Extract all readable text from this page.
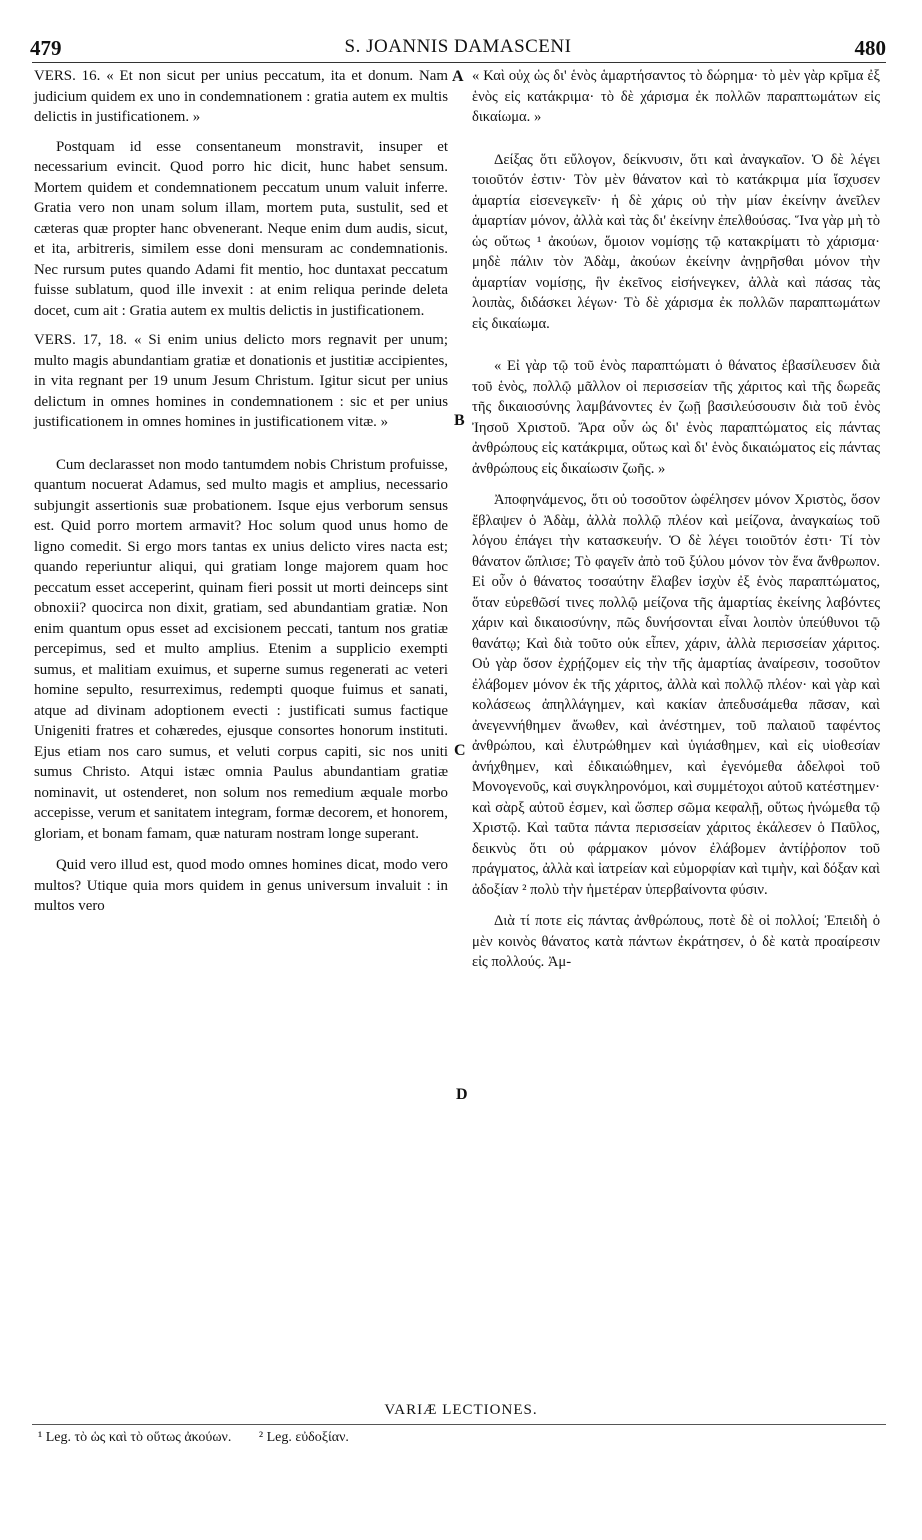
479	S. JOANNIS DAMASCENI	480

VERS. 16. « Et non sicut per unius peccatum, ita et donum. Nam judicium quidem ex uno in condemnationem : gratia autem ex multis delictis in justificationem. »

Postquam id esse consentaneum monstravit, insuper et necessarium evincit. Quod porro hic dicit, hunc habet sensum. Mortem quidem et condemnationem peccatum unum valuit inferre. Gratia vero non unam solum illam, mortem puta, sustulit, sed et cæteras quæ propter hanc obvenerant. Neque enim dum audis, sicut, et ita, arbitreris, similem esse doni mensuram ac condemnationis. Nec rursum putes quando Adami fit mentio, hoc duntaxat peccatum fuisse sublatum, quod ille invexit : at enim reliqua perinde deleta docet, cum ait : Gratia autem ex multis delictis in justificationem.

VERS. 17, 18. « Si enim unius delicto mors regnavit per unum; multo magis abundantiam gratiæ et donationis et justitiæ accipientes, in vita regnant per 19 unum Jesum Christum. Igitur sicut per unius delictum in omnes homines in condemnationem : sic et per unius justificationem in omnes homines in justificationem vitæ. »

Cum declarasset non modo tantumdem nobis Christum profuisse, quantum nocuerat Adamus, sed multo magis et amplius, necessario subjungit assertionis suæ probationem. Isque ejus verborum sensus est. Quid porro mortem armavit? Hoc solum quod unus homo de ligno comedit. Si ergo mors tantas ex unius delicto vires nacta est; quando reperiuntur aliqui, qui gratiam longe majorem quam hoc peccatum esset acceperint, quinam fieri possit ut morti deinceps sint obnoxii? quocirca non dixit, gratiam, sed abundantiam gratiæ. Non enim quantum opus esset ad excisionem peccati, tantum nos gratiæ percepimus, sed et multo amplius. Etenim a supplicio exempti sumus, et malitiam exuimus, et superne sumus regenerati ac veteri homine sepulto, resurreximus, redempti quoque fuimus et sanati, atque ad divinam adoptionem evecti : justificati sumus factique Unigeniti fratres et cohæredes, ejusque consortes honorum instituti. Ejus etiam nos caro sumus, et veluti corpus capiti, sic nos uniti sumus Christo. Atqui istæc omnia Paulus abundantiam gratiæ nominavit, ut ostenderet, non solum nos remedium æquale morbo accepisse, verum et sanitatem integram, formæ decorem, et honorem, gloriam, et bonam famam, quæ naturam nostram longe superant.

Quid vero illud est, quod modo omnes homines dicat, modo vero multos? Utique quia mors quidem in genus universum invaluit : in multos vero

« Καὶ οὐχ ὡς δι' ἑνὸς ἁμαρτήσαντος τὸ δώρημα· τὸ μὲν γὰρ κρῖμα ἐξ ἑνὸς εἰς κατάκριμα· τὸ δὲ χάρισμα ἐκ πολλῶν παραπτωμάτων εἰς δικαίωμα. »

Δείξας ὅτι εὔλογον, δείκνυσιν, ὅτι καὶ ἀναγκαῖον. Ὁ δὲ λέγει τοιοῦτόν ἐστιν· Τὸν μὲν θάνατον καὶ τὸ κατάκριμα μία ἴσχυσεν ἁμαρτία εἰσενεγκεῖν· ἡ δὲ χάρις οὐ τὴν μίαν ἐκείνην ἀνεῖλεν ἁμαρτίαν μόνον, ἀλλὰ καὶ τὰς δι' ἐκείνην ἐπελθούσας. Ἵνα γὰρ μὴ τὸ ὡς οὕτως ¹ ἀκούων, ὅμοιον νομίσῃς τῷ κατακρίματι τὸ χάρισμα· μηδὲ πάλιν τὸν Ἀδὰμ, ἀκούων ἐκείνην ἀνῃρῆσθαι μόνον τὴν ἁμαρτίαν νομίσῃς, ἣν ἐκεῖνος εἰσήνεγκεν, ἀλλὰ καὶ πάσας τὰς λοιπὰς, διδάσκει λέγων· Τὸ δὲ χάρισμα ἐκ πολλῶν παραπτωμάτων εἰς δικαίωμα.

« Εἰ γὰρ τῷ τοῦ ἑνὸς παραπτώματι ὁ θάνατος ἐβασίλευσεν διὰ τοῦ ἑνὸς, πολλῷ μᾶλλον οἱ περισσείαν τῆς χάριτος καὶ τῆς δωρεᾶς τῆς δικαιοσύνης λαμβάνοντες ἐν ζωῇ βασιλεύσουσιν διὰ τοῦ ἑνὸς Ἰησοῦ Χριστοῦ. Ἄρα οὖν ὡς δι' ἑνὸς παραπτώματος εἰς πάντας ἀνθρώπους εἰς κατάκριμα, οὕτως καὶ δι' ἑνὸς δικαιώματος εἰς πάντας ἀνθρώπους εἰς δικαίωσιν ζωῆς. »

Ἀποφηνάμενος, ὅτι οὐ τοσοῦτον ὠφέλησεν μόνον Χριστὸς, ὅσον ἔβλαψεν ὁ Ἀδὰμ, ἀλλὰ πολλῷ πλέον καὶ μείζονα, ἀναγκαίως τοῦ λόγου ἐπάγει τὴν κατασκευήν. Ὁ δὲ λέγει τοιοῦτόν ἐστι· Τί τὸν θάνατον ὥπλισε; Τὸ φαγεῖν ἀπὸ τοῦ ξύλου μόνον τὸν ἕνα ἄνθρωπον. Εἰ οὖν ὁ θάνατος τοσαύτην ἔλαβεν ἰσχὺν ἐξ ἑνὸς παραπτώματος, ὅταν εὑρεθῶσί τινες πολλῷ μείζονα τῆς ἁμαρτίας ἐκείνης λαβόντες χάριν καὶ δικαιοσύνην, πῶς δυνήσονται εἶναι λοιπὸν ὑπεύθυνοι τῷ θανάτῳ; Καὶ διὰ τοῦτο οὐκ εἶπεν, χάριν, ἀλλὰ περισσείαν χάριτος. Οὐ γὰρ ὅσον ἐχρῄζομεν εἰς τὴν τῆς ἁμαρτίας ἀναίρεσιν, τοσοῦτον ἐλάβομεν μόνον ἐκ τῆς χάριτος, ἀλλὰ καὶ πολλῷ πλέον· καὶ γὰρ καὶ κολάσεως ἀπηλλάγημεν, καὶ κακίαν ἀπεδυσάμεθα πᾶσαν, καὶ ἀνεγεννήθημεν ἄνωθεν, καὶ ἀνέστημεν, τοῦ παλαιοῦ ταφέντος ἀνθρώπου, καὶ ἐλυτρώθημεν καὶ ὑγιάσθημεν, καὶ εἰς υἱοθεσίαν ἀνήχθημεν, καὶ ἐδικαιώθημεν, καὶ ἐγενόμεθα ἀδελφοὶ τοῦ Μονογενοῦς, καὶ συγκληρονόμοι, καὶ συμμέτοχοι αὐτοῦ κατέστημεν· καὶ σὰρξ αὐτοῦ ἐσμεν, καὶ ὥσπερ σῶμα κεφαλῇ, οὕτως ἡνώμεθα τῷ Χριστῷ. Καὶ ταῦτα πάντα περισσείαν χάριτος ἐκάλεσεν ὁ Παῦλος, δεικνὺς ὅτι οὐ φάρμακον μόνον ἐλάβομεν ἀντίῤῥοπον τοῦ πράγματος, ἀλλὰ καὶ ἰατρείαν καὶ εὐμορφίαν καὶ τιμὴν, καὶ δόξαν καὶ ἀδοξίαν ² πολὺ τὴν ἡμετέραν ὑπερβαίνοντα φύσιν.

Διὰ τί ποτε εἰς πάντας ἀνθρώπους, ποτὲ δὲ οἱ πολλοί; Ἐπειδὴ ὁ μὲν κοινὸς θάνατος κατὰ πάντων ἐκράτησεν, ὁ δὲ κατὰ προαίρεσιν εἰς πολλούς. Ἀμ-

A
B
C
D
VARIÆ LECTIONES.
¹ Leg. τὸ ὡς καὶ τὸ οὕτως ἀκούων. ² Leg. εὐδοξίαν.
